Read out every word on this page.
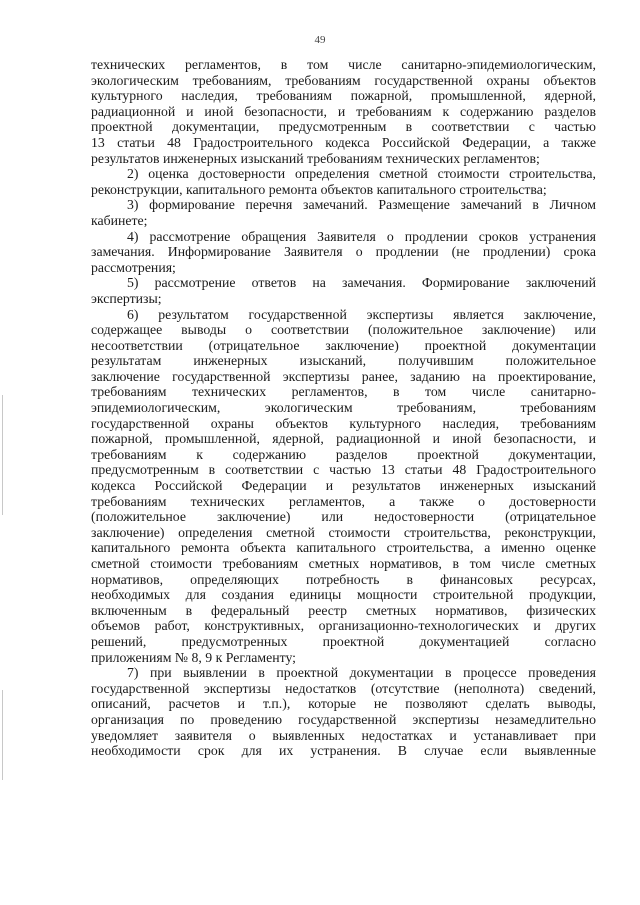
49
технических регламентов, в том числе санитарно-эпидемиологическим,
экологическим требованиям, требованиям государственной охраны объектов
культурного наследия, требованиям пожарной, промышленной, ядерной,
радиационной и иной безопасности, и требованиям к содержанию разделов
проектной документации, предусмотренным в соответствии с частью
13 статьи 48 Градостроительного кодекса Российской Федерации, а также
результатов инженерных изысканий требованиям технических регламентов;
2) оценка достоверности определения сметной стоимости строительства,
реконструкции, капитального ремонта объектов капитального строительства;
3) формирование перечня замечаний. Размещение замечаний в Личном
кабинете;
4) рассмотрение обращения Заявителя о продлении сроков устранения
замечания. Информирование Заявителя о продлении (не продлении) срока
рассмотрения;
5) рассмотрение ответов на замечания. Формирование заключений
экспертизы;
6) результатом государственной экспертизы является заключение,
содержащее выводы о соответствии (положительное заключение) или
несоответствии (отрицательное заключение) проектной документации
результатам инженерных изысканий, получившим положительное
заключение государственной экспертизы ранее, заданию на проектирование,
требованиям технических регламентов, в том числе санитарно-
эпидемиологическим, экологическим требованиям, требованиям
государственной охраны объектов культурного наследия, требованиям
пожарной, промышленной, ядерной, радиационной и иной безопасности, и
требованиям к содержанию разделов проектной документации,
предусмотренным в соответствии с частью 13 статьи 48 Градостроительного
кодекса Российской Федерации и результатов инженерных изысканий
требованиям технических регламентов, а также о достоверности
(положительное заключение) или недостоверности (отрицательное
заключение) определения сметной стоимости строительства, реконструкции,
капитального ремонта объекта капитального строительства, а именно оценке
сметной стоимости требованиям сметных нормативов, в том числе сметных
нормативов, определяющих потребность в финансовых ресурсах,
необходимых для создания единицы мощности строительной продукции,
включенным в федеральный реестр сметных нормативов, физических
объемов работ, конструктивных, организационно-технологических и других
решений, предусмотренных проектной документацией согласно
приложениям № 8, 9 к Регламенту;
7) при выявлении в проектной документации в процессе проведения
государственной экспертизы недостатков (отсутствие (неполнота) сведений,
описаний, расчетов и т.п.), которые не позволяют сделать выводы,
организация по проведению государственной экспертизы незамедлительно
уведомляет заявителя о выявленных недостатках и устанавливает при
необходимости срок для их устранения. В случае если выявленные
